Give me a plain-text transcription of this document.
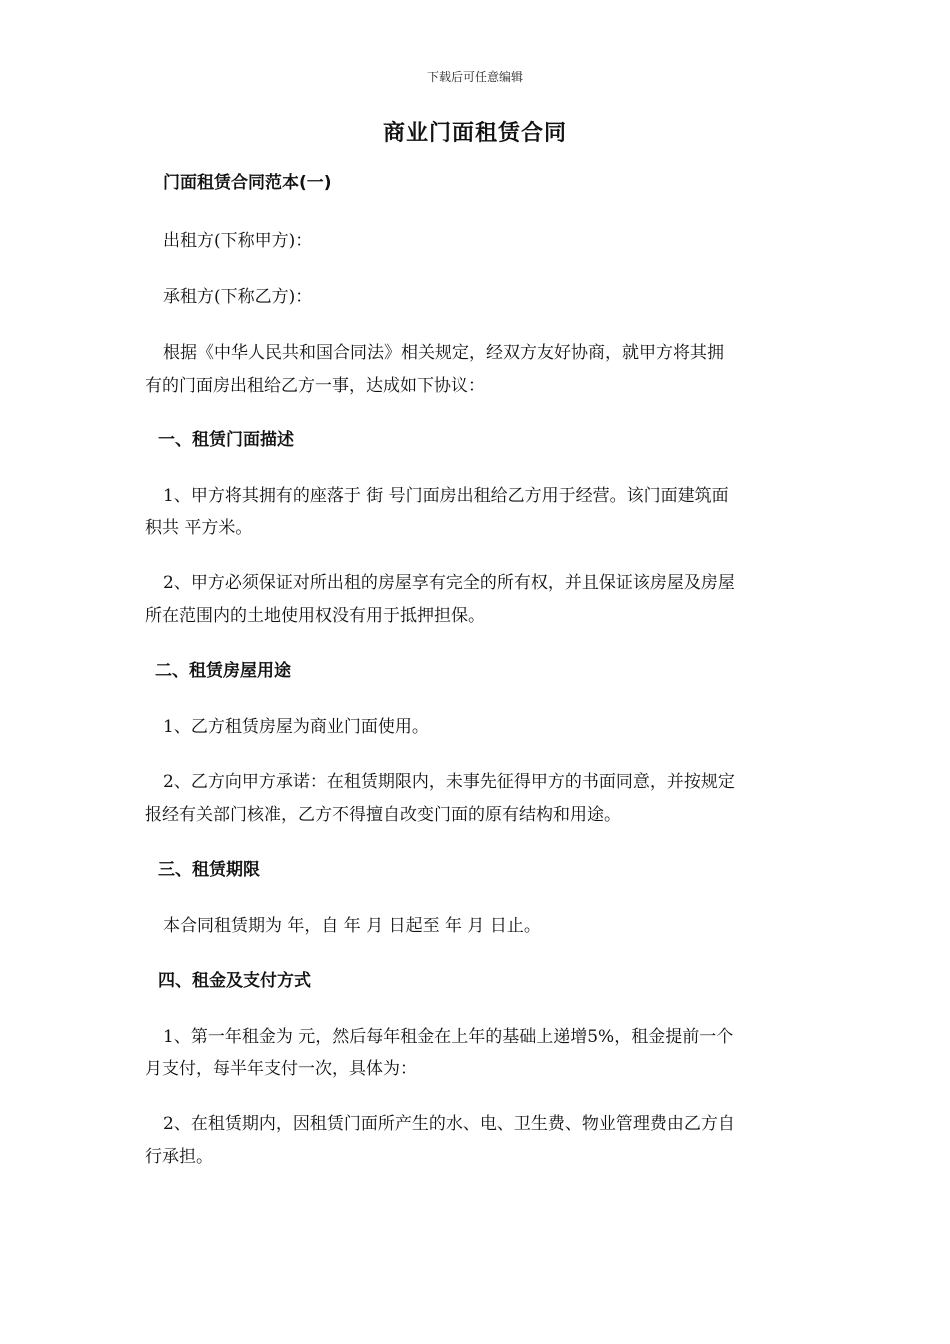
下载后可任意编辑
商业门面租赁合同
门面租赁合同范本(一)
出租方(下称甲方)：
承租方(下称乙方)：
根据《中华人民共和国合同法》相关规定，经双方友好协商，就甲方将其拥
有的门面房出租给乙方一事，达成如下协议：
一、租赁门面描述
1、甲方将其拥有的座落于 街 号门面房出租给乙方用于经营。该门面建筑面
积共 平方米。
2、甲方必须保证对所出租的房屋享有完全的所有权，并且保证该房屋及房屋
所在范围内的土地使用权没有用于抵押担保。
二、租赁房屋用途
1、乙方租赁房屋为商业门面使用。
2、乙方向甲方承诺：在租赁期限内，未事先征得甲方的书面同意，并按规定
报经有关部门核准，乙方不得擅自改变门面的原有结构和用途。
三、租赁期限
本合同租赁期为 年，自 年 月 日起至 年 月 日止。
四、租金及支付方式
1、第一年租金为 元，然后每年租金在上年的基础上递增5%，租金提前一个
月支付，每半年支付一次，具体为：
2、在租赁期内，因租赁门面所产生的水、电、卫生费、物业管理费由乙方自
行承担。
